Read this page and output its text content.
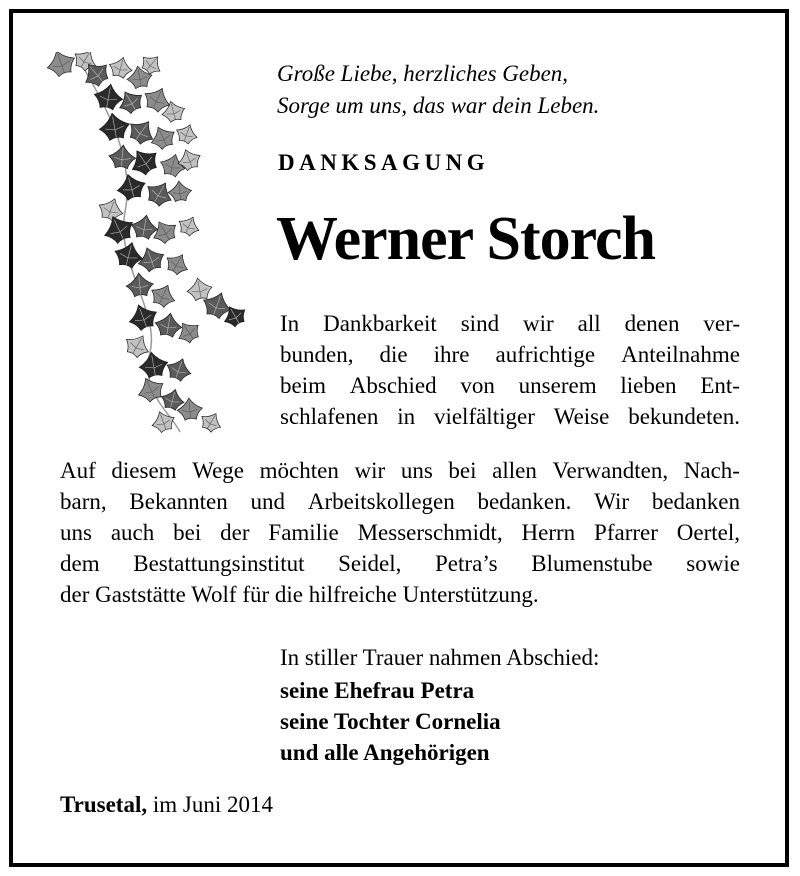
Große Liebe, herzliches Geben,
Sorge um uns, das war dein Leben.
DANKSAGUNG
Werner Storch
In Dankbarkeit sind wir all denen ver-
bunden, die ihre aufrichtige Anteilnahme
beim Abschied von unserem lieben Ent-
schlafenen in vielfältiger Weise bekundeten.
Auf diesem Wege möchten wir uns bei allen Verwandten, Nach-
barn, Bekannten und Arbeitskollegen bedanken. Wir bedanken
uns auch bei der Familie Messerschmidt, Herrn Pfarrer Oertel,
dem Bestattungsinstitut Seidel, Petra’s Blumenstube sowie
der Gaststätte Wolf für die hilfreiche Unterstützung.
In stiller Trauer nahmen Abschied:
seine Ehefrau Petra
seine Tochter Cornelia
und alle Angehörigen
Trusetal, im Juni 2014
